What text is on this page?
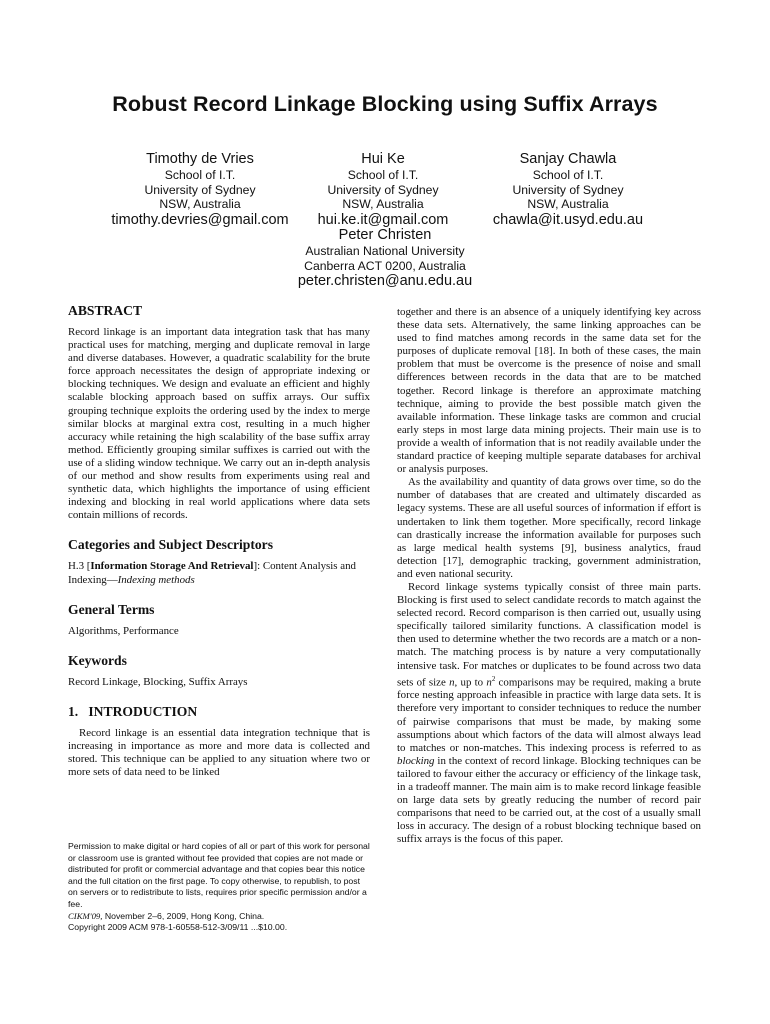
Robust Record Linkage Blocking using Suffix Arrays
Timothy de Vries
School of I.T.
University of Sydney
NSW, Australia
timothy.devries@gmail.com
Hui Ke
School of I.T.
University of Sydney
NSW, Australia
hui.ke.it@gmail.com
Sanjay Chawla
School of I.T.
University of Sydney
NSW, Australia
chawla@it.usyd.edu.au
Peter Christen
Australian National University
Canberra ACT 0200, Australia
peter.christen@anu.edu.au
ABSTRACT

Record linkage is an important data integration task that has many practical uses for matching, merging and duplicate removal in large and diverse databases. However, a quadratic scalability for the brute force approach necessitates the design of appropriate indexing or blocking techniques. We design and evaluate an efficient and highly scalable blocking approach based on suffix arrays. Our suffix grouping technique exploits the ordering used by the index to merge similar blocks at marginal extra cost, resulting in a much higher accuracy while retaining the high scalability of the base suffix array method. Efficiently grouping similar suffixes is carried out with the use of a sliding window technique. We carry out an in-depth analysis of our method and show results from experiments using real and synthetic data, which highlights the importance of using efficient indexing and blocking in real world applications where data sets contain millions of records.

Categories and Subject Descriptors

H.3 [Information Storage And Retrieval]: Content Analysis and Indexing—Indexing methods

General Terms

Algorithms, Performance

Keywords

Record Linkage, Blocking, Suffix Arrays

1.   INTRODUCTION

Record linkage is an essential data integration technique that is increasing in importance as more and more data is collected and stored. This technique can be applied to any situation where two or more sets of data need to be linked

Permission to make digital or hard copies of all or part of this work for personal or classroom use is granted without fee provided that copies are not made or distributed for profit or commercial advantage and that copies bear this notice and the full citation on the first page. To copy otherwise, to republish, to post on servers or to redistribute to lists, requires prior specific permission and/or a fee.
CIKM'09, November 2–6, 2009, Hong Kong, China.
Copyright 2009 ACM 978-1-60558-512-3/09/11 ...$10.00.

together and there is an absence of a uniquely identifying key across these data sets. Alternatively, the same linking approaches can be used to find matches among records in the same data set for the purposes of duplicate removal [18]. In both of these cases, the main problem that must be overcome is the presence of noise and small differences between records in the data that are to be matched together. Record linkage is therefore an approximate matching technique, aiming to provide the best possible match given the available information. These linkage tasks are common and crucial early steps in most large data mining projects. Their main use is to provide a wealth of information that is not readily available under the standard practice of keeping multiple separate databases for archival or analysis purposes.

As the availability and quantity of data grows over time, so do the number of databases that are created and ultimately discarded as legacy systems. These are all useful sources of information if effort is undertaken to link them together. More specifically, record linkage can drastically increase the information available for purposes such as large medical health systems [9], business analytics, fraud detection [17], demographic tracking, government administration, and even national security.

Record linkage systems typically consist of three main parts. Blocking is first used to select candidate records to match against the selected record. Record comparison is then carried out, usually using specifically tailored similarity functions. A classification model is then used to determine whether the two records are a match or a non-match. The matching process is by nature a very computationally intensive task. For matches or duplicates to be found across two data sets of size n, up to $n^2$ comparisons may be required, making a brute force nesting approach infeasible in practice with large data sets. It is therefore very important to consider techniques to reduce the number of pairwise comparisons that must be made, by making some assumptions about which factors of the data will almost always lead to matches or non-matches. This indexing process is referred to as blocking in the context of record linkage. Blocking techniques can be tailored to favour either the accuracy or efficiency of the linkage task, in a tradeoff manner. The main aim is to make record linkage feasible on large data sets by greatly reducing the number of record pair comparisons that need to be carried out, at the cost of a usually small loss in accuracy. The design of a robust blocking technique based on suffix arrays is the focus of this paper.
